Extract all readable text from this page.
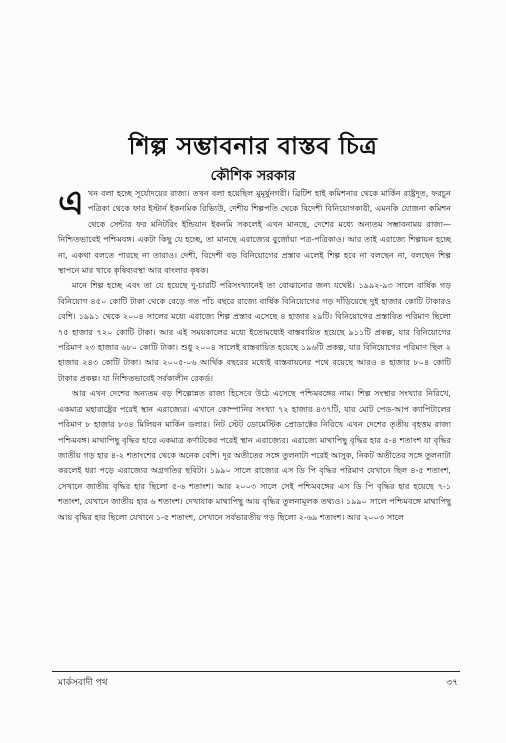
শিল্প সম্ভাবনার বাস্তব চিত্র
কৌশিক সরকার

এখন বলা হচ্ছে সূর্যোদয়ের রাজ্য। তখন বলা হয়েছিল মুমূর্ষুনগরী। ব্রিটিশ হাই কমিশনার থেকে মার্কিন রাষ্ট্রদূত, ফরচুন পত্রিকা থেকে ফার ইস্টার্ন ইকনমিক রিভ্যিউ, দেশীয় শিল্পপতি থেকে বিদেশী বিনিয়োগকারী, এমনকি যোজনা কমিশন থেকে সেন্টার ফর মনিটরিং ইন্ডিয়ান ইকনমি সকলেই এখন মানছে, দেশের মধ্যে অন্যতম সম্ভাবনাময় রাজ্য—নিশ্চিতভাবেই পশ্চিমবঙ্গ। একটা কিছু যে হচ্ছে, তা মানছে এরাজ্যের বুর্জোয়া পত্র-পত্রিকাও। আর তাই এরাজ্যে শিল্পায়ন হচ্ছে না, একথা বলতে পারছে না তারাও। দেশী, বিদেশী বড় বিনিয়োগের প্রস্তাব এলেই শিল্প হবে না বলছেন না, বলছেন শিল্প স্থাপনে মার খাবে কৃষিব্যবস্থা আর বাংলার কৃষক।

মানে শিল্প হচ্ছে এবং তা যে হয়েছে দু-চারটি পরিসংখ্যানেই তা বোঝানোর জন্য যথেষ্ট। ১৯৯২-৯৩ সালে বার্ষিক গড় বিনিয়োগ ৪৫০ কোটি টাকা থেকে বেড়ে গত পাঁচ বছরে রাজ্যে বার্ষিক বিনিয়োগের গড় দাঁড়িয়েছে দুই হাজার কোটি টাকারও বেশি। ১৯৯১ থেকে ২০০৪ সালের মধ্যে এরাজ্যে শিল্প প্রস্তাব এসেছে ৪ হাজার ২৯টি। বিনিয়োগের প্রস্তাবিত পরিমাণ ছিলো ৭৫ হাজার ৭২০ কোটি টাকা। আর এই সময়কালের মধ্যে ইতোমধ্যেই বাস্তবায়িত হয়েছে ৯১১টি প্রকল্প, যার বিনিয়োগের পরিমাণ ২৩ হাজার ৬৮০ কোটি টাকা। শুধু ২০০৪ সালেই বাস্তবায়িত হয়েছে ১৯৬টি প্রকল্প, যার বিনিয়োগের পরিমাণ ছিল ২ হাজার ২৪৩ কোটি টাকা। আর ২০০৫-০৬ আর্থিক বছরের মধ্যেই বাস্তবায়নের পথে রয়েছে আরও ৪ হাজার ৮০৪ কোটি টাকার প্রকল্প। যা নিশ্চিতভাবেই সর্বকালীন রেকর্ড।

আর এখন দেশের অন্যতম বড় শিল্পোন্নত রাজ্য হিসেবে উঠে এসেছে পশ্চিমবঙ্গের নাম। শিল্প সংস্থার সংখ্যার নিরিখে, একমাত্র মহারাষ্ট্রের পরেই স্থান এরাজ্যের। এখানে কোম্পানির সংখ্যা ৭২ হাজার ৪৩৭টি, যার মোট পেড-আপ ক্যাপিটালের পরিমাণ ৮ হাজার ৮৩৪ মিলিয়ন মার্কিন ডলার। নিট স্টেট ডোমেস্টিক প্রোডাক্টের নিরিখে এখন দেশের তৃতীয় বৃহত্তম রাজ্য পশ্চিমবঙ্গ। মাথাপিছু বৃদ্ধির হারে একমাত্র কর্ণাটকের পরেই স্থান এরাজ্যের। এরাজ্যে মাথাপিছু বৃদ্ধির হার ৫-৪ শতাংশ যা বৃদ্ধির জাতীয় গড় হার ৪-২ শতাংশের থেকে অনেক বেশি। দূর অতীতের সঙ্গে তুলনাটা পরেই আসুক, নিকট অতীতের সঙ্গে তুলনাটা করলেই ধরা পড়ে এরাজ্যের অগ্রগতির ছবিটা। ১৯৯০ সালে রাজ্যের এস ডি পি বৃদ্ধির পরিমাণ যেখানে ছিল ৪-৫ শতাংশ, সেখানে জাতীয় বৃদ্ধির হার ছিলো ৫-৬ শতাংশ। আর ২০০৩ সালে সেই পশ্চিমবঙ্গের এস ডি পি বৃদ্ধির হার হয়েছে ৭-১ শতাংশ, যেখানে জাতীয় হার ৬ শতাংশ। দেখাযাক মাথাপিছু আয় বৃদ্ধির তুলনামূলক তথ্যও। ১৯৯০ সালে পশ্চিমবঙ্গে মাথাপিছু আয় বৃদ্ধির হার ছিলো যেখানে ১-৫ শতাংশ, সেখানে সর্বভারতীয় গড় ছিলো ২-৬৯ শতাংশ। আর ২০০৩ সালে

মার্কসবাদী পথ	৩৭
